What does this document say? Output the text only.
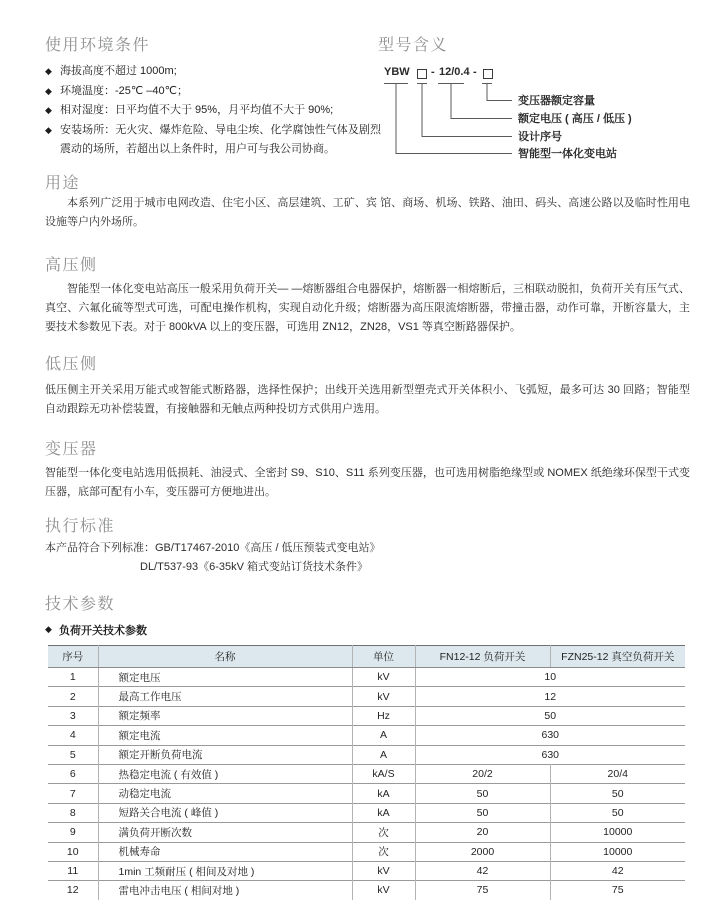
使用环境条件
◆ 海拔高度不超过 1000m;
◆ 环境温度：-25℃ –40℃；
◆ 相对湿度：日平均值不大于 95%，月平均值不大于 90%;
◆ 安装场所：无火灾、爆炸危险、导电尘埃、化学腐蚀性气体及剧烈震动的场所，若超出以上条件时，用户可与我公司协商。
型号含义
YBW - 12/0.4 -
变压器额定容量
额定电压 ( 高压 / 低压 )
设计序号
智能型一体化变电站
用途

本系列广泛用于城市电网改造、住宅小区、高层建筑、工矿、宾 馆、商场、机场、铁路、油田、码头、高速公路以及临时性用电设施等户内外场所。

高压侧

智能型一体化变电站高压一般采用负荷开关— —熔断器组合电器保护，熔断器一相熔断后，三相联动脱扣，负荷开关有压气式、真空、六氟化硫等型式可选，可配电操作机构，实现自动化升级；熔断器为高压限流熔断器，带撞击器，动作可靠，开断容量大，主要技术参数见下表。对于 800kVA 以上的变压器，可选用 ZN12，ZN28，VS1 等真空断路器保护。

低压侧

低压侧主开关采用万能式或智能式断路器，选择性保护；出线开关选用新型塑壳式开关体积小、飞弧短，最多可达 30 回路；智能型自动跟踪无功补偿装置，有接触器和无触点两种投切方式供用户选用。

变压器

智能型一体化变电站选用低损耗、油浸式、全密封 S9、S10、S11 系列变压器，也可选用树脂绝缘型或 NOMEX 纸绝缘环保型干式变压器，底部可配有小车，变压器可方便地进出。

执行标准
本产品符合下列标准：GB/T17467-2010《高压 / 低压预装式变电站》
DL/T537-93《6-35kV 箱式变站订货技术条件》
技术参数
◆ 负荷开关技术参数
序号	名称	单位	FN12-12 负荷开关	FZN25-12 真空负荷开关
1	额定电压	kV	10	
2	最高工作电压	kV	12	
3	额定频率	Hz	50	
4	额定电流	A	630	
5	额定开断负荷电流	A	630	
6	热稳定电流 ( 有效值 )	kA/S	20/2	20/4
7	动稳定电流	kA	50	50
8	短路关合电流 ( 峰值 )	kA	50	50
9	满负荷开断次数	次	20	10000
10	机械寿命	次	2000	10000
11	1min 工频耐压 ( 相间及对地 )	kV	42	42
12	雷电冲击电压 ( 相间对地 )	kV	75	75
